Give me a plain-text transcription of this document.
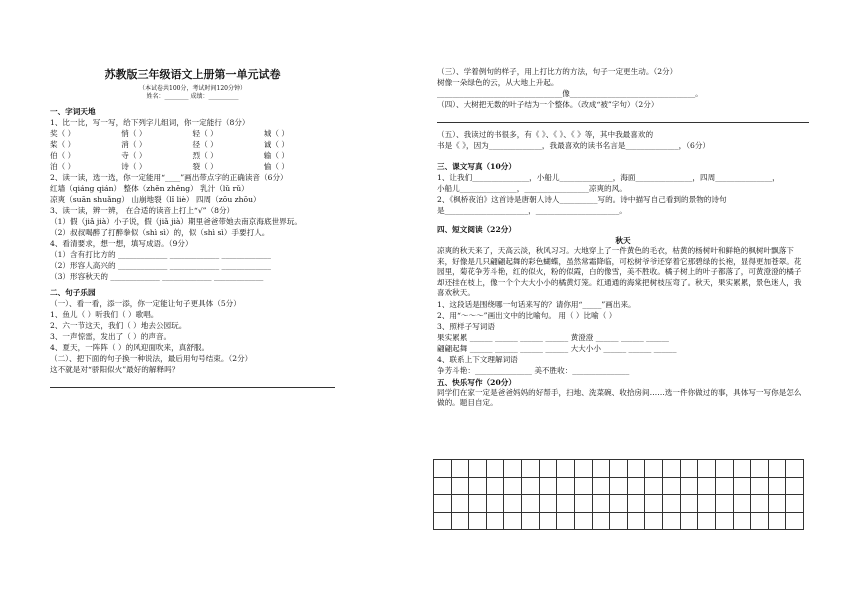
苏教版三年级语文上册第一单元试卷
（本试卷共100分，考试时间120分钟）
姓名：________ 成绩：__________
一、字词天地
1、比一比，写一写，给下列字儿组词，你一定能行（8分）
奖（ ）	悄（ ）	轻（ ）	城（ ）
桨（ ）	消（ ）	径（ ）	诚（ ）
伯（ ）	寺（ ）	烈（ ）	输（ ）
泊（ ）	诗（ ）	裂（ ）	愉（ ）
2、读一读，选一选，你一定能用“____”画出带点字的正确读音（6分）
红墙（qiáng qián） 整体（zhěn zhěng） 乳汁（lǔ rǔ）
凉爽（suān shuǎng） 山崩地裂（lǐ liè） 四周（zōu zhōu）
3、读一读，辨一辨， 在合适的读音上打上“√”（8分）
（1）假（jiǎ jià）小子说，假（jiǎ jià）期里爸爸带她去南京海底世界玩。
（2）叔叔喝醉了打醉拳似（shì sì）的，似（shì sì）手要打人。
4、看清要求，想一想，填写成语。（9分）
（1）含有打比方的 _____________ _____________ _____________
（2）形容人高兴的 _____________ _____________ _____________
（3）形容秋天的 _____________ _____________ _____________
二、句子乐园
（一）、看一看，添一添，你一定能让句子更具体（5分）
1、鱼儿（ ）听我们（ ）歌唱。
2、六一节这天，我们（ ）地去公园玩。
3、一声惊雷，发出了（ ）的声音。
4、夏天，一阵阵（ ）的风迎面吹来，真舒服。
（二）、把下面的句子换一种说法，最后用句号结束。（2分）
这不就是对“骄阳似火”最好的解释吗？
（三）、学着例句的样子，用上打比方的方法，句子一定更生动。（2分）
树像一朵绿色的云，从大地上升起。
_________________________________像_________________________________。
（四）、大树把无数的叶子结为一个整体。（改成“被”字句）（2分）
（五）、我读过的书很多，有《 》、《 》、《 》等，其中我最喜欢的
书是《 》，因为______________，我最喜欢的读书名言是______________，（6分）
三、课文写真（10分）
1、让我们_______________，小船儿______________，海面_______________，四周_______________，
小船儿_______________，_________________凉爽的风。
2、《枫桥夜泊》这首诗是唐朝人诗人__________写的。诗中描写自己看到的景物的诗句
是______________________，______________________。
四、短文阅读（22分）
秋天
凉爽的秋天来了，天高云淡，秋风习习。大地穿上了一件黄色的毛衣，枯黄的杨树叶和鲜艳的枫树叶飘落下来，好像是几只翩翩起舞的彩色蝴蝶，虽然常霜降临，可松树爷爷还穿着它那碧绿的长袍，显得更加苍翠。花园里，菊花争芳斗艳，红的似火，粉的似霞，白的像雪，美不胜收。橘子树上的叶子都落了，可黄澄澄的橘子却还挂在枝上，像一个个大大小小的橘黄灯笼。红通通的海棠把树枝压弯了。秋天，果实累累，景色迷人，我喜欢秋天。
1、这段话是围绕哪一句话来写的？请你用“_____”画出来。
2、用“～～～”画出文中的比喻句。 用（ ）比喻（ ）
3、照样子写词语
果实累累 ______ ______ ______ ______ 黄澄澄 ______ ______ ______
翩翩起舞 ______ ______ ______ ______ 大大小小 ______ ______ ______
4、联系上下文理解词语
争芳斗艳：_______________ 美不胜收：_______________
五、快乐写作（20分）
同学们在家一定是爸爸妈妈的好帮手，扫地、洗菜碗、收拾房间……选一件你做过的事，具体写一写你是怎么做的。题目自定。
